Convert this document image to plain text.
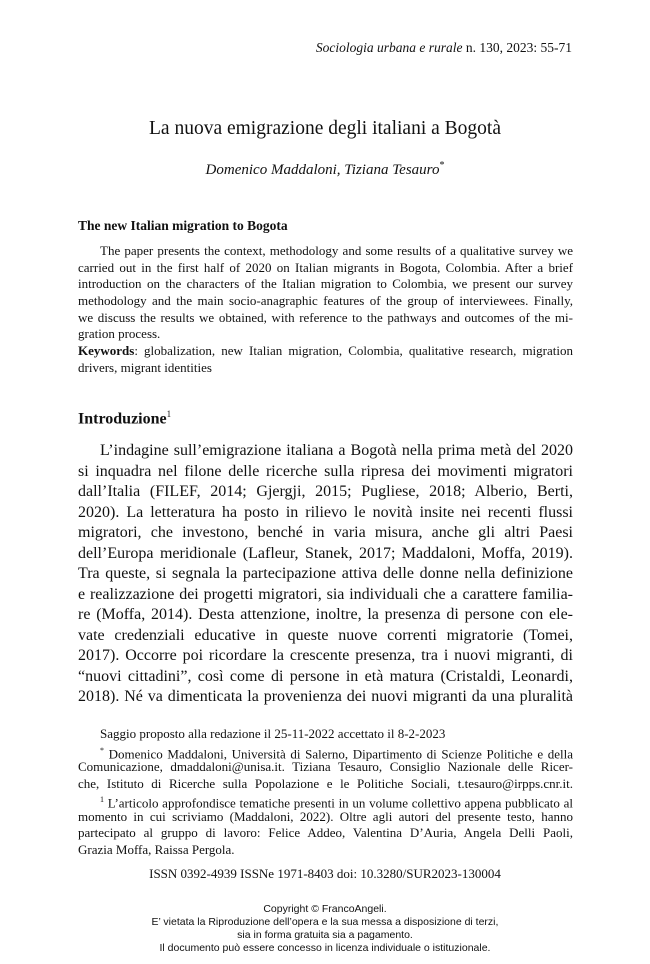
Sociologia urbana e rurale n. 130, 2023: 55-71
La nuova emigrazione degli italiani a Bogotà
Domenico Maddaloni, Tiziana Tesauro*
The new Italian migration to Bogota
The paper presents the context, methodology and some results of a qualitative survey we
carried out in the first half of 2020 on Italian migrants in Bogota, Colombia. After a brief
introduction on the characters of the Italian migration to Colombia, we present our survey
methodology and the main socio-anagraphic features of the group of interviewees. Finally,
we discuss the results we obtained, with reference to the pathways and outcomes of the mi-
gration process.
Keywords: globalization, new Italian migration, Colombia, qualitative research, migration
drivers, migrant identities
Introduzione$^1$
L’indagine sull’emigrazione italiana a Bogotà nella prima metà del 2020
si inquadra nel filone delle ricerche sulla ripresa dei movimenti migratori
dall’Italia (FILEF, 2014; Gjergji, 2015; Pugliese, 2018; Alberio, Berti,
2020). La letteratura ha posto in rilievo le novità insite nei recenti flussi
migratori, che investono, benché in varia misura, anche gli altri Paesi
dell’Europa meridionale (Lafleur, Stanek, 2017; Maddaloni, Moffa, 2019).
Tra queste, si segnala la partecipazione attiva delle donne nella definizione
e realizzazione dei progetti migratori, sia individuali che a carattere familia-
re (Moffa, 2014). Desta attenzione, inoltre, la presenza di persone con ele-
vate credenziali educative in queste nuove correnti migratorie (Tomei,
2017). Occorre poi ricordare la crescente presenza, tra i nuovi migranti, di
“nuovi cittadini”, così come di persone in età matura (Cristaldi, Leonardi,
2018). Né va dimenticata la provenienza dei nuovi migranti da una pluralità
Saggio proposto alla redazione il 25-11-2022 accettato il 8-2-2023
* Domenico Maddaloni, Università di Salerno, Dipartimento di Scienze Politiche e della
Comunicazione, dmaddaloni@unisa.it. Tiziana Tesauro, Consiglio Nazionale delle Ricer-
che, Istituto di Ricerche sulla Popolazione e le Politiche Sociali, t.tesauro@irpps.cnr.it.
$^1$ L’articolo approfondisce tematiche presenti in un volume collettivo appena pubblicato al
momento in cui scriviamo (Maddaloni, 2022). Oltre agli autori del presente testo, hanno
partecipato al gruppo di lavoro: Felice Addeo, Valentina D’Auria, Angela Delli Paoli,
Grazia Moffa, Raissa Pergola.
ISSN 0392-4939 ISSNe 1971-8403 doi: 10.3280/SUR2023-130004
Copyright © FrancoAngeli.
E’ vietata la Riproduzione dell’opera e la sua messa a disposizione di terzi,
sia in forma gratuita sia a pagamento.
Il documento può essere concesso in licenza individuale o istituzionale.
